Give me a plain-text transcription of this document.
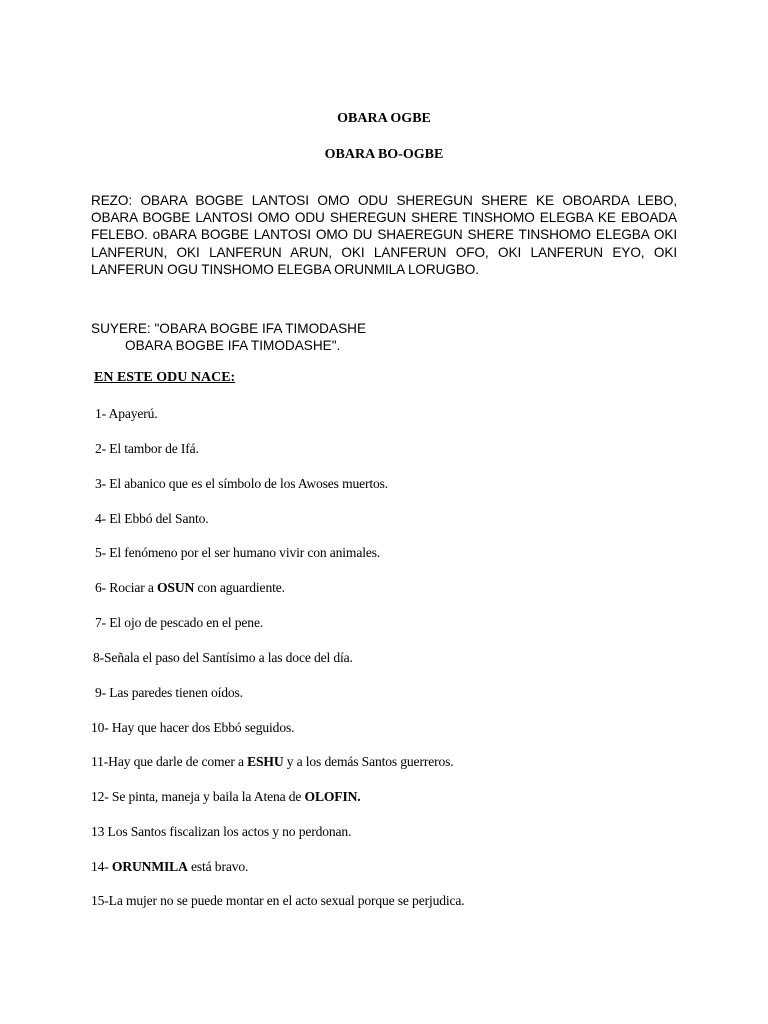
OBARA OGBE
OBARA BO-OGBE

REZO: OBARA BOGBE LANTOSI OMO ODU SHEREGUN SHERE KE OBOARDA LEBO, OBARA BOGBE LANTOSI OMO ODU SHEREGUN SHERE TINSHOMO ELEGBA KE EBOADA FELEBO. oBARA BOGBE LANTOSI OMO DU SHAEREGUN SHERE TINSHOMO ELEGBA OKI LANFERUN, OKI LANFERUN ARUN, OKI LANFERUN OFO, OKI LANFERUN EYO, OKI LANFERUN OGU TINSHOMO ELEGBA ORUNMILA LORUGBO.

SUYERE: "OBARA BOGBE IFA TIMODASHE
OBARA BOGBE IFA TIMODASHE".

EN ESTE ODU NACE:
1- Apayerú.
2- El tambor de Ifá.
3- El abanico que es el símbolo de los Awoses muertos.
4- El Ebbó del Santo.
5- El fenómeno por el ser humano vivir con animales.
6- Rociar a OSUN con aguardiente.
7- El ojo de pescado en el pene.
8-Señala el paso del Santísimo a las doce del día.
9- Las paredes tienen oídos.
10- Hay que hacer dos Ebbó seguidos.
11-Hay que darle de comer a ESHU y a los demás Santos guerreros.
12- Se pinta, maneja y baila la Atena de OLOFIN.
13 Los Santos fiscalizan los actos y no perdonan.
14- ORUNMILA está bravo.
15-La mujer no se puede montar en el acto sexual porque se perjudica.
